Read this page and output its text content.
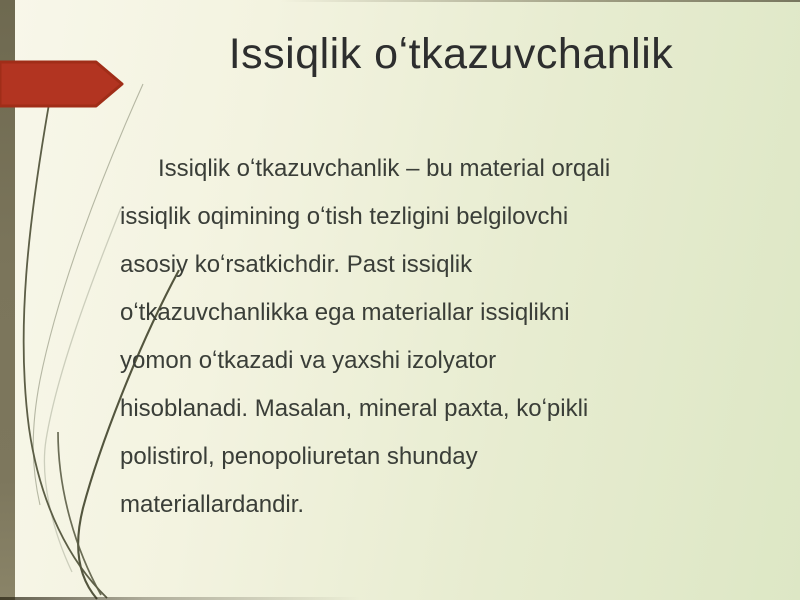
Issiqlik oʻtkazuvchanlik
Issiqlik oʻtkazuvchanlik – bu material orqali
issiqlik oqimining oʻtish tezligini belgilovchi
asosiy koʻrsatkichdir. Past issiqlik
oʻtkazuvchanlikka ega materiallar issiqlikni
yomon oʻtkazadi va yaxshi izolyator
hisoblanadi. Masalan, mineral paxta, koʻpikli
polistirol, penopoliuretan shunday
materiallardandir.
